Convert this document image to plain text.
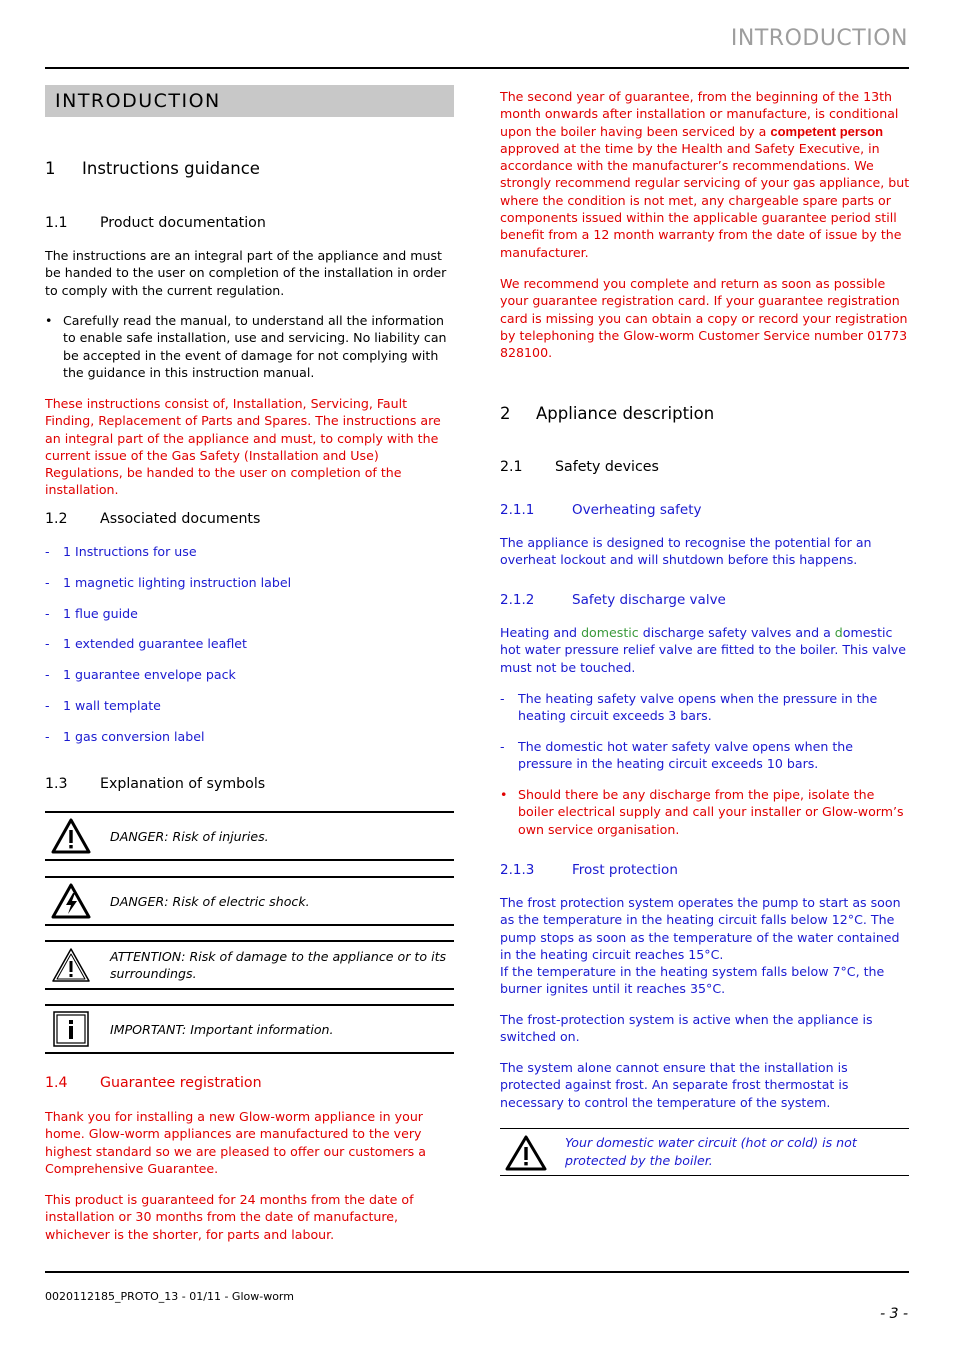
INTRODUCTION
INTRODUCTION
1 Instructions guidance
1.1 Product documentation
The instructions are an integral part of the appliance and must be handed to the user on completion of the installation in order to comply with the current regulation.
• Carefully read the manual, to understand all the information to enable safe installation, use and servicing. No liability can be accepted in the event of damage for not complying with the guidance in this instruction manual.
These instructions consist of, Installation, Servicing, Fault Finding, Replacement of Parts and Spares. The instructions are an integral part of the appliance and must, to comply with the current issue of the Gas Safety (Installation and Use) Regulations, be handed to the user on completion of the installation.
1.2 Associated documents
- 1 Instructions for use
- 1 magnetic lighting instruction label
- 1 flue guide
- 1 extended guarantee leaflet
- 1 guarantee envelope pack
- 1 wall template
- 1 gas conversion label
1.3 Explanation of symbols
DANGER: Risk of injuries.
DANGER: Risk of electric shock.
ATTENTION: Risk of damage to the appliance or to its surroundings.
IMPORTANT: Important information.
1.4 Guarantee registration
Thank you for installing a new Glow-worm appliance in your home. Glow-worm appliances are manufactured to the very highest standard so we are pleased to offer our customers a Comprehensive Guarantee.
This product is guaranteed for 24 months from the date of installation or 30 months from the date of manufacture, whichever is the shorter, for parts and labour.
The second year of guarantee, from the beginning of the 13th month onwards after installation or manufacture, is conditional upon the boiler having been serviced by a competent person approved at the time by the Health and Safety Executive, in accordance with the manufacturer’s recommendations. We strongly recommend regular servicing of your gas appliance, but where the condition is not met, any chargeable spare parts or components issued within the applicable guarantee period still benefit from a 12 month warranty from the date of issue by the manufacturer.
We recommend you complete and return as soon as possible your guarantee registration card. If your guarantee registration card is missing you can obtain a copy or record your registration by telephoning the Glow-worm Customer Service number 01773 828100.
2 Appliance description
2.1 Safety devices
2.1.1	Overheating safety
The appliance is designed to recognise the potential for an overheat lockout and will shutdown before this happens.
2.1.2	Safety discharge valve
Heating and domestic discharge safety valves and a domestic hot water pressure relief valve are fitted to the boiler. This valve must not be touched.
- The heating safety valve opens when the pressure in the heating circuit exceeds 3 bars.
- The domestic hot water safety valve opens when the pressure in the heating circuit exceeds 10 bars.
• Should there be any discharge from the pipe, isolate the boiler electrical supply and call your installer or Glow-worm’s own service organisation.
2.1.3	Frost protection

The frost protection system operates the pump to start as soon as the temperature in the heating circuit falls below 12°C. The pump stops as soon as the temperature of the water contained in the heating circuit reaches 15°C.

If the temperature in the heating system falls below 7°C, the burner ignites until it reaches 35°C.

The frost-protection system is active when the appliance is switched on.
The system alone cannot ensure that the installation is protected against frost. An separate frost thermostat is necessary to control the temperature of the system.
Your domestic water circuit (hot or cold) is not protected by the boiler.
0020112185_PROTO_13 - 01/11 - Glow-worm
- 3 -
